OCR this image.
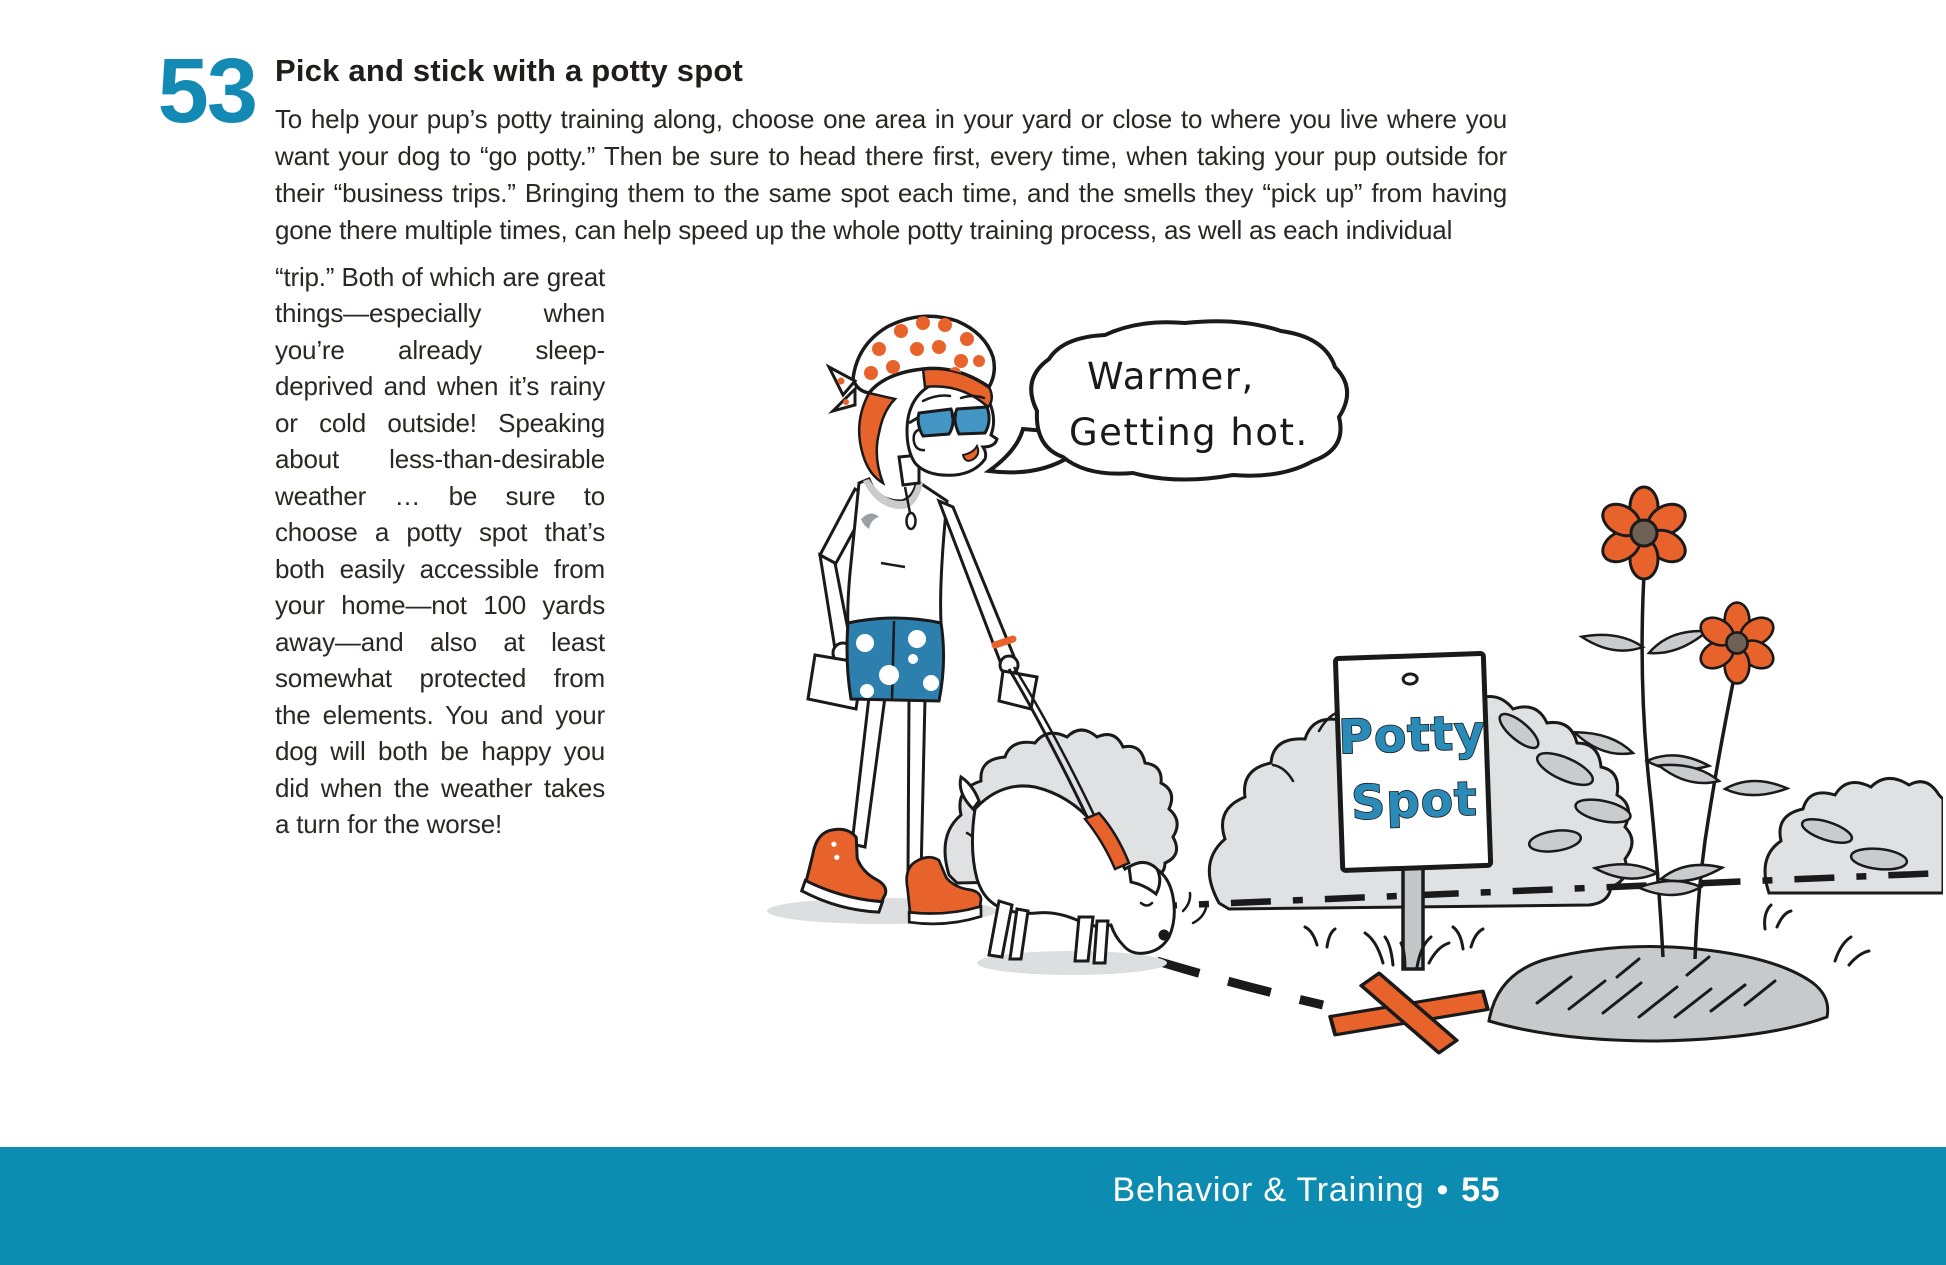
53 Pick and stick with a potty spot

To help your pup’s potty training along, choose one area in your yard or close to where you live where you want your dog to “go potty.” Then be sure to head there first, every time, when taking your pup outside for their “business trips.” Bringing them to the same spot each time, and the smells they “pick up” from having gone there multiple times, can help speed up the whole potty training process, as well as each individual

“trip.” Both of which are great things—especially when you’re already sleep-deprived and when it’s rainy or cold outside! Speaking about less-than-desirable weather … be sure to choose a potty spot that’s both easily accessible from your home—not 100 yards away—and also at least somewhat protected from the elements. You and your dog will both be happy you did when the weather takes a turn for the worse!

Potty
Spot
Warmer,
Getting hot.
Behavior & Training • 55
